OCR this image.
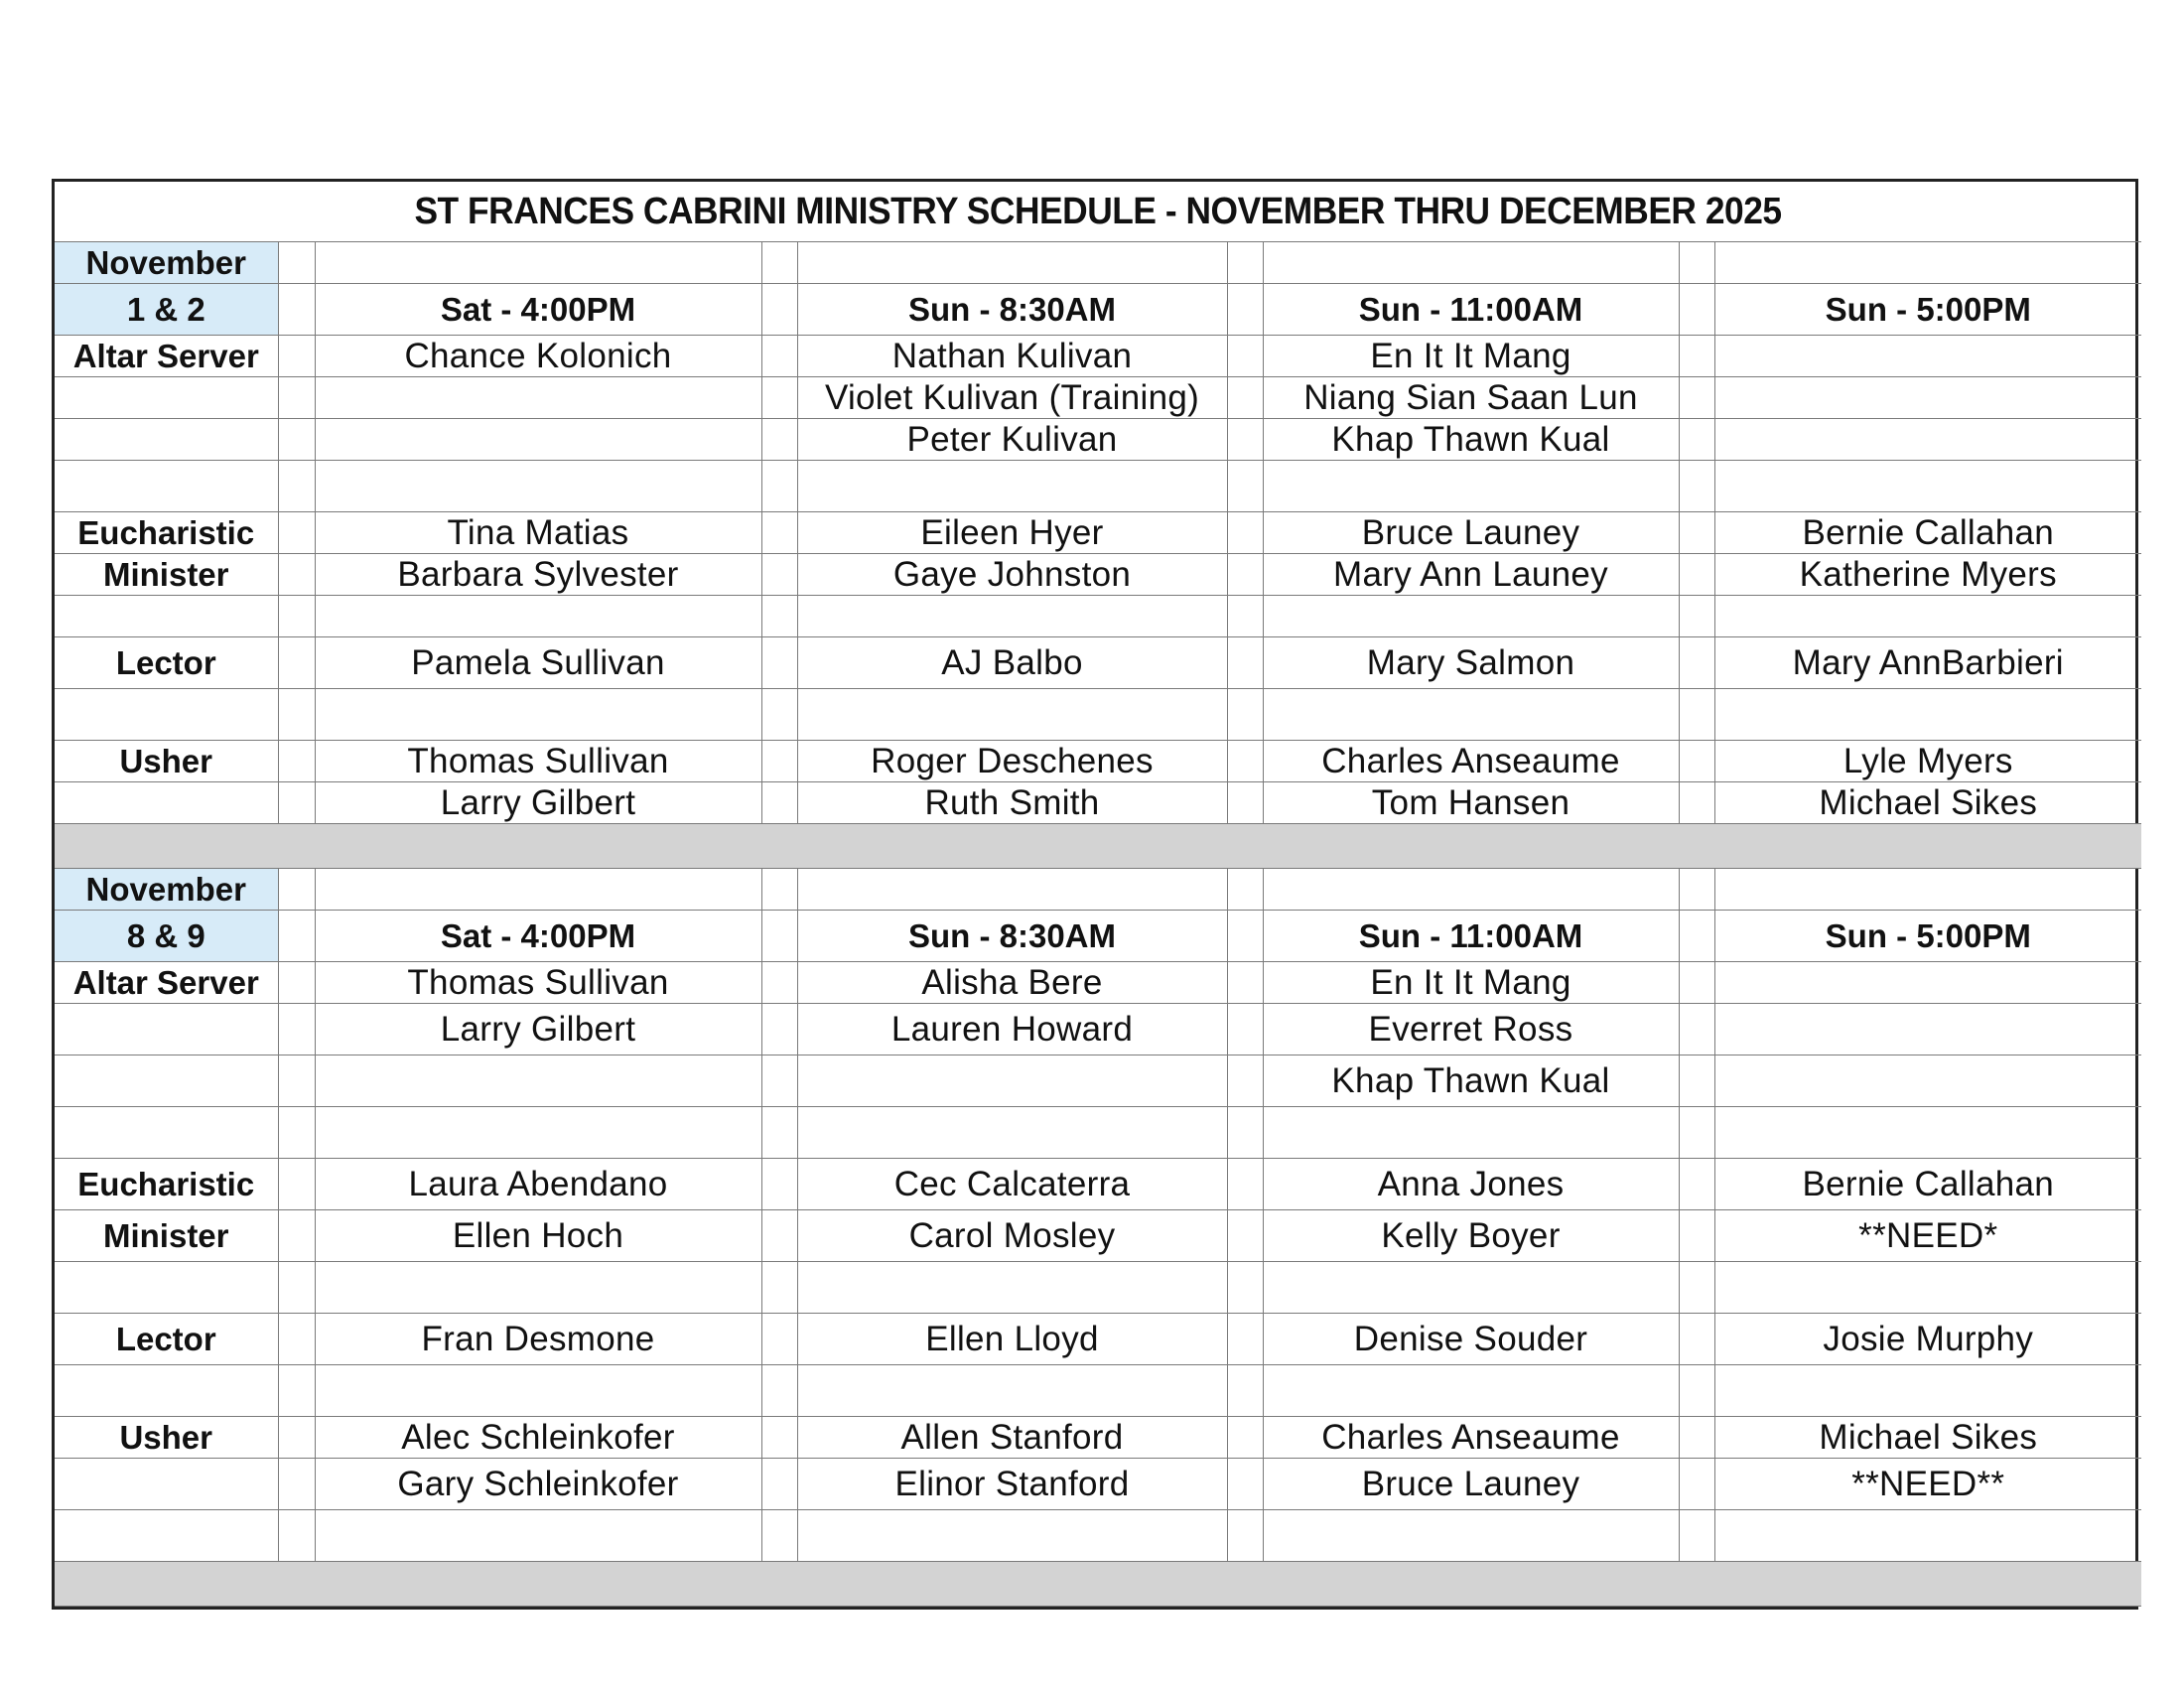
ST FRANCES CABRINI MINISTRY SCHEDULE - NOVEMBER THRU DECEMBER 2025								
November								
1 & 2		Sat - 4:00PM		Sun - 8:30AM		Sun - 11:00AM		Sun - 5:00PM
Altar Server		Chance Kolonich		Nathan Kulivan		En It It Mang		
				Violet Kulivan (Training)		Niang Sian Saan Lun		
				Peter Kulivan		Khap Thawn Kual		

Eucharistic		Tina Matias		Eileen Hyer		Bruce Launey		Bernie Callahan
Minister		Barbara Sylvester		Gaye Johnston		Mary Ann Launey		Katherine Myers

Lector		Pamela Sullivan		AJ Balbo		Mary Salmon		Mary AnnBarbieri

Usher		Thomas Sullivan		Roger Deschenes		Charles Anseaume		Lyle Myers
		Larry Gilbert		Ruth Smith		Tom Hansen		Michael Sikes

November								
8 & 9		Sat - 4:00PM		Sun - 8:30AM		Sun - 11:00AM		Sun - 5:00PM
Altar Server		Thomas Sullivan		Alisha Bere		En It It Mang		
		Larry Gilbert		Lauren Howard		Everret Ross		
						Khap Thawn Kual		

Eucharistic		Laura Abendano		Cec Calcaterra		Anna Jones		Bernie Callahan
Minister		Ellen Hoch		Carol Mosley		Kelly Boyer		**NEED*

Lector		Fran Desmone		Ellen Lloyd		Denise Souder		Josie Murphy

Usher		Alec Schleinkofer		Allen Stanford		Charles Anseaume		Michael Sikes
		Gary Schleinkofer		Elinor Stanford		Bruce Launey		**NEED**
